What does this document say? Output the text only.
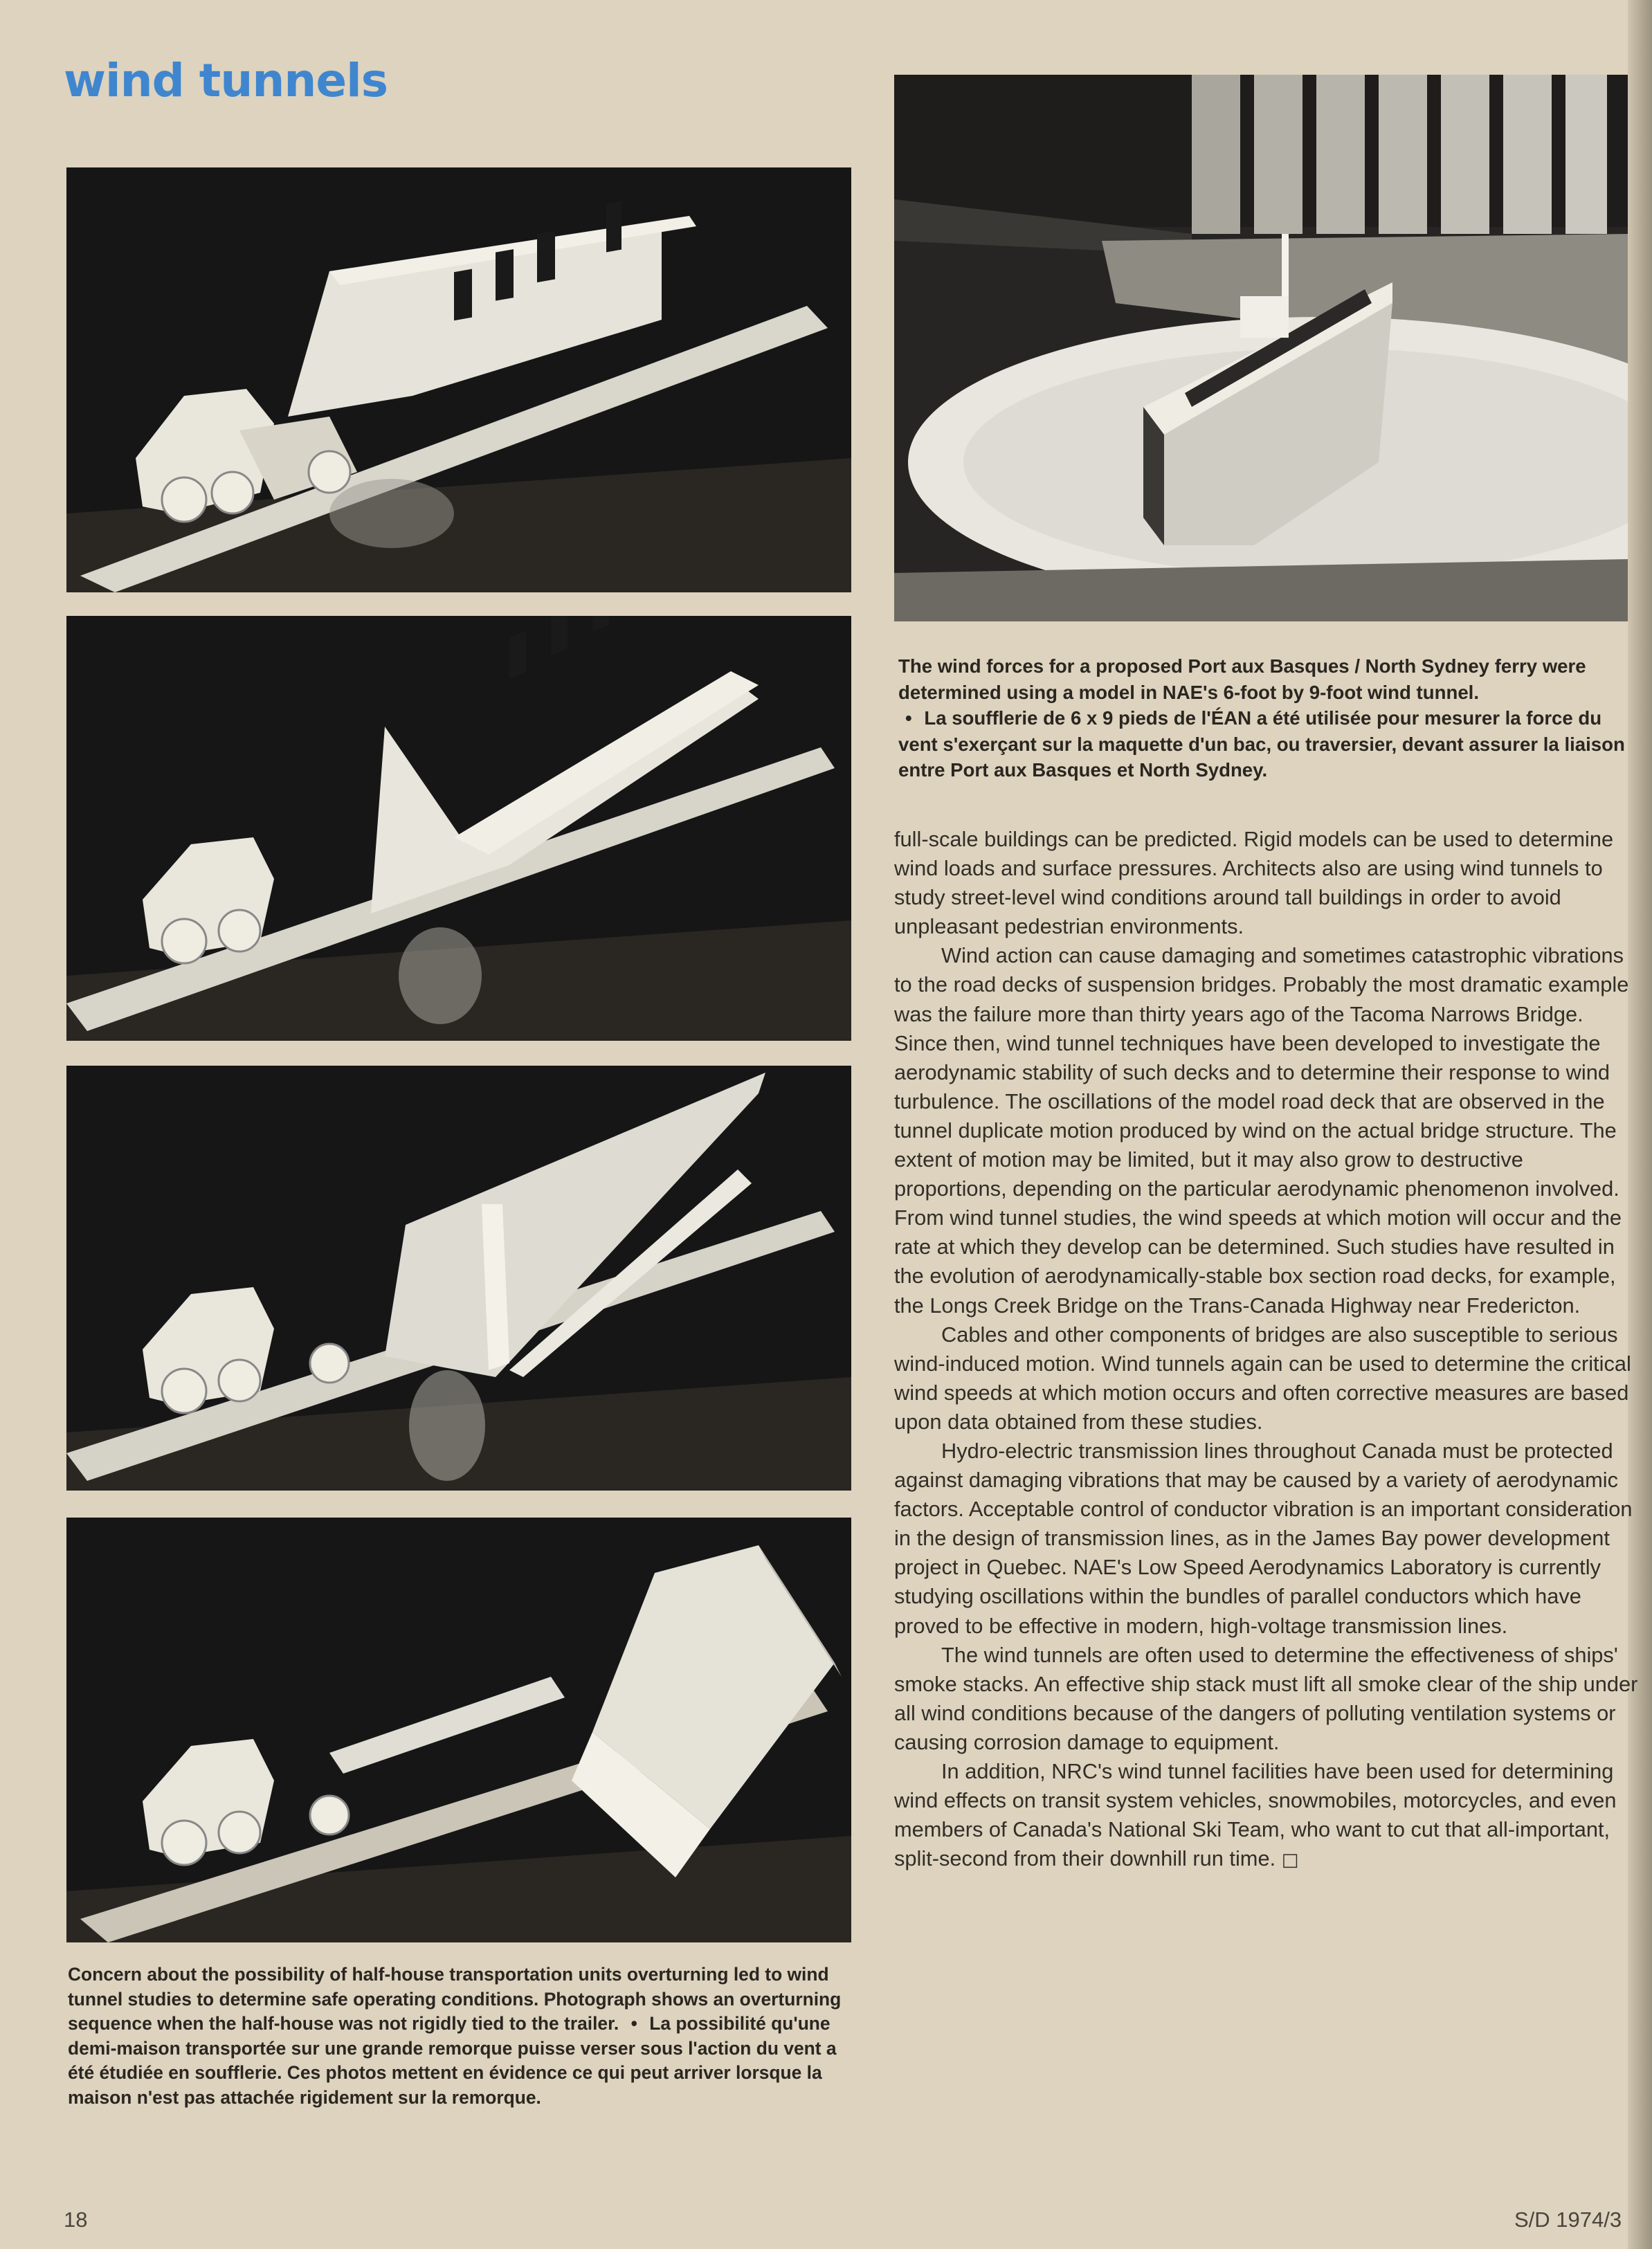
wind tunnels

The wind forces for a proposed Port aux Basques / North Sydney ferry were determined using a model in NAE's 6-foot by 9-foot wind tunnel.
• La soufflerie de 6 x 9 pieds de l'ÉAN a été utilisée pour mesurer la force du vent s'exerçant sur la maquette d'un bac, ou traversier, devant assurer la liaison entre Port aux Basques et North Sydney.

full-scale buildings can be predicted. Rigid models can be used to determine wind loads and surface pressures. Architects also are using wind tunnels to study street-level wind conditions around tall buildings in order to avoid unpleasant pedestrian environments.

Wind action can cause damaging and sometimes catastrophic vibrations to the road decks of suspension bridges. Probably the most dramatic example was the failure more than thirty years ago of the Tacoma Narrows Bridge. Since then, wind tunnel techniques have been developed to investigate the aerodynamic stability of such decks and to determine their response to wind turbulence. The oscillations of the model road deck that are observed in the tunnel duplicate motion produced by wind on the actual bridge structure. The extent of motion may be limited, but it may also grow to destructive proportions, depending on the particular aerodynamic phenomenon involved. From wind tunnel studies, the wind speeds at which motion will occur and the rate at which they develop can be determined. Such studies have resulted in the evolution of aerodynamically-stable box section road decks, for example, the Longs Creek Bridge on the Trans-Canada Highway near Fredericton.

Cables and other components of bridges are also susceptible to serious wind-induced motion. Wind tunnels again can be used to determine the critical wind speeds at which motion occurs and often corrective measures are based upon data obtained from these studies.

Hydro-electric transmission lines throughout Canada must be protected against damaging vibrations that may be caused by a variety of aerodynamic factors. Acceptable control of conductor vibration is an important consideration in the design of transmission lines, as in the James Bay power development project in Quebec. NAE's Low Speed Aerodynamics Laboratory is currently studying oscillations within the bundles of parallel conductors which have proved to be effective in modern, high-voltage transmission lines.

The wind tunnels are often used to determine the effectiveness of ships' smoke stacks. An effective ship stack must lift all smoke clear of the ship under all wind conditions because of the dangers of polluting ventilation systems or causing corrosion damage to equipment.

In addition, NRC's wind tunnel facilities have been used for determining wind effects on transit system vehicles, snowmobiles, motorcycles, and even members of Canada's National Ski Team, who want to cut that all-important, split-second from their downhill run time. □

Concern about the possibility of half-house transportation units overturning led to wind tunnel studies to determine safe operating conditions. Photograph shows an overturning sequence when the half-house was not rigidly tied to the trailer. • La possibilité qu'une demi-maison transportée sur une grande remorque puisse verser sous l'action du vent a été étudiée en soufflerie. Ces photos mettent en évidence ce qui peut arriver lorsque la maison n'est pas attachée rigidement sur la remorque.

18	S/D 1974/3
